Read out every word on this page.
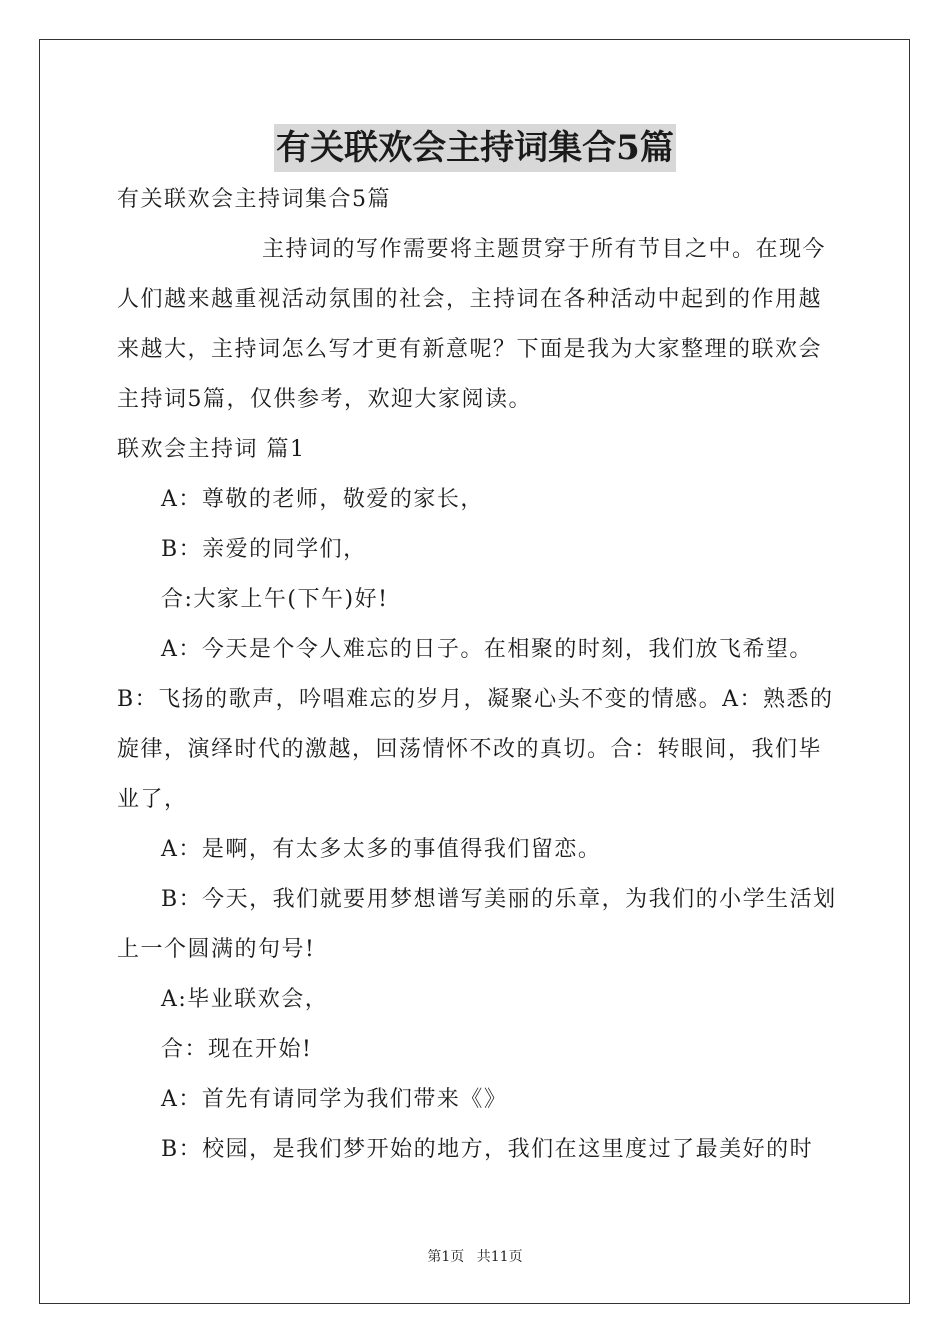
有关联欢会主持词集合5篇

有关联欢会主持词集合5篇

主持词的写作需要将主题贯穿于所有节目之中。在现今人们越来越重视活动氛围的社会，主持词在各种活动中起到的作用越来越大，主持词怎么写才更有新意呢？下面是我为大家整理的联欢会主持词5篇，仅供参考，欢迎大家阅读。

联欢会主持词 篇1

A：尊敬的老师，敬爱的家长，

B：亲爱的同学们，

合:大家上午(下午)好!

A：今天是个令人难忘的日子。在相聚的时刻，我们放飞希望。B：飞扬的歌声，吟唱难忘的岁月，凝聚心头不变的情感。A：熟悉的旋律，演绎时代的激越，回荡情怀不改的真切。合：转眼间，我们毕业了，

A：是啊，有太多太多的事值得我们留恋。

B：今天，我们就要用梦想谱写美丽的乐章，为我们的小学生活划上一个圆满的句号!

A:毕业联欢会，

合：现在开始!

A：首先有请同学为我们带来《》

B：校园，是我们梦开始的地方，我们在这里度过了最美好的时

第1页 共11页
